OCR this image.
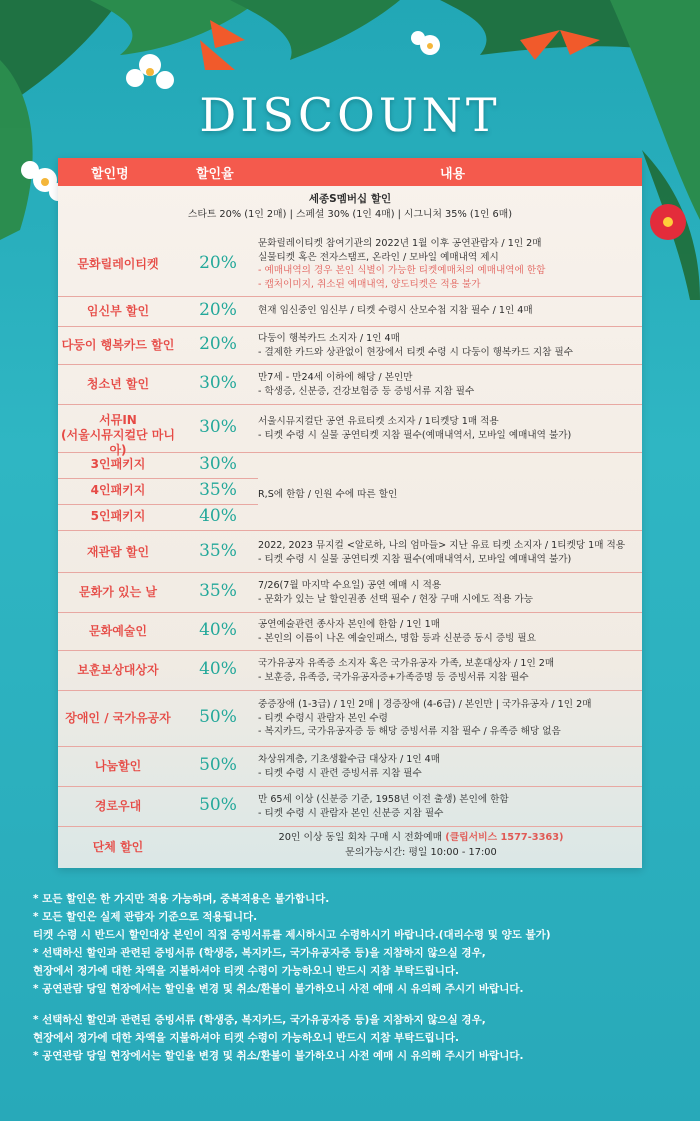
DISCOUNT
할인명	할인율	내용
세종S멤버십 할인
스타트 20% (1인 2매) | 스페셜 30% (1인 4매) | 시그니처 35% (1인 6매)
문화릴레이티켓	20%
문화릴레이티켓 참여기관의 2022년 1월 이후 공연관람자 / 1인 2매
실물티켓 혹은 전자스탬프, 온라인 / 모바일 예매내역 제시
- 예매내역의 경우 본인 식별이 가능한 티켓예매처의 예매내역에 한함
- 캡처이미지, 취소된 예매내역, 양도티켓은 적용 불가
임신부 할인	20%	현재 임신중인 임신부 / 티켓 수령시 산모수첩 지참 필수 / 1인 4매
다둥이 행복카드 할인	20%	다둥이 행복카드 소지자 / 1인 4매
- 결제한 카드와 상관없이 현장에서 티켓 수령 시 다둥이 행복카드 지참 필수
청소년 할인	30%	만7세 - 만24세 이하에 해당 / 본인만
- 학생증, 신분증, 건강보험증 등 증빙서류 지참 필수
서뮤IN
(서울시뮤지컬단 마니아)
30%	서울시뮤지컬단 공연 유료티켓 소지자 / 1티켓당 1매 적용
- 티켓 수령 시 실물 공연티켓 지참 필수(예매내역서, 모바일 예매내역 불가)
3인패키지	30%
4인패키지	35%
5인패키지	40%
R,S에 한함 / 인원 수에 따른 할인
재관람 할인	35%	2022, 2023 뮤지컬 <알로하, 나의 엄마들> 지난 유료 티켓 소지자 / 1티켓당 1매 적용
- 티켓 수령 시 실물 공연티켓 지참 필수(예매내역서, 모바일 예매내역 불가)
문화가 있는 날	35%	7/26(7월 마지막 수요일) 공연 예매 시 적용
- 문화가 있는 날 할인권종 선택 필수 / 현장 구매 시에도 적용 가능
문화예술인	40%	공연예술관련 종사자 본인에 한함 / 1인 1매
- 본인의 이름이 나온 예술인패스, 명함 등과 신분증 동시 증빙 필요
보훈보상대상자	40%	국가유공자 유족증 소지자 혹은 국가유공자 가족, 보훈대상자 / 1인 2매
- 보훈증, 유족증, 국가유공자증+가족증명 등 증빙서류 지참 필수
장애인 / 국가유공자	50%
중증장애 (1-3급) / 1인 2매 | 경증장애 (4-6급) / 본인만 | 국가유공자 / 1인 2매
- 티켓 수령시 관람자 본인 수령
- 복지카드, 국가유공자증 등 해당 증빙서류 지참 필수 / 유족증 해당 없음
나눔할인	50%	차상위계층, 기초생활수급 대상자 / 1인 4매
- 티켓 수령 시 관련 증빙서류 지참 필수
경로우대	50%	만 65세 이상 (신분증 기준, 1958년 이전 출생) 본인에 한함
- 티켓 수령 시 관람자 본인 신분증 지참 필수
단체 할인
20인 이상 동일 회차 구매 시 전화예매 (클립서비스 1577-3363)
문의가능시간: 평일 10:00 - 17:00

* 모든 할인은 한 가지만 적용 가능하며, 중복적용은 불가합니다.

* 모든 할인은 실제 관람자 기준으로 적용됩니다.

티켓 수령 시 반드시 할인대상 본인이 직접 증빙서류를 제시하시고 수령하시기 바랍니다.(대리수령 및 양도 불가)

* 선택하신 할인과 관련된 증빙서류 (학생증, 복지카드, 국가유공자증 등)을 지참하지 않으실 경우,

현장에서 정가에 대한 차액을 지불하셔야 티켓 수령이 가능하오니 반드시 지참 부탁드립니다.

* 공연관람 당일 현장에서는 할인율 변경 및 취소/환불이 불가하오니 사전 예매 시 유의해 주시기 바랍니다.

* 선택하신 할인과 관련된 증빙서류 (학생증, 복지카드, 국가유공자증 등)을 지참하지 않으실 경우,

현장에서 정가에 대한 차액을 지불하셔야 티켓 수령이 가능하오니 반드시 지참 부탁드립니다.

* 공연관람 당일 현장에서는 할인율 변경 및 취소/환불이 불가하오니 사전 예매 시 유의해 주시기 바랍니다.
